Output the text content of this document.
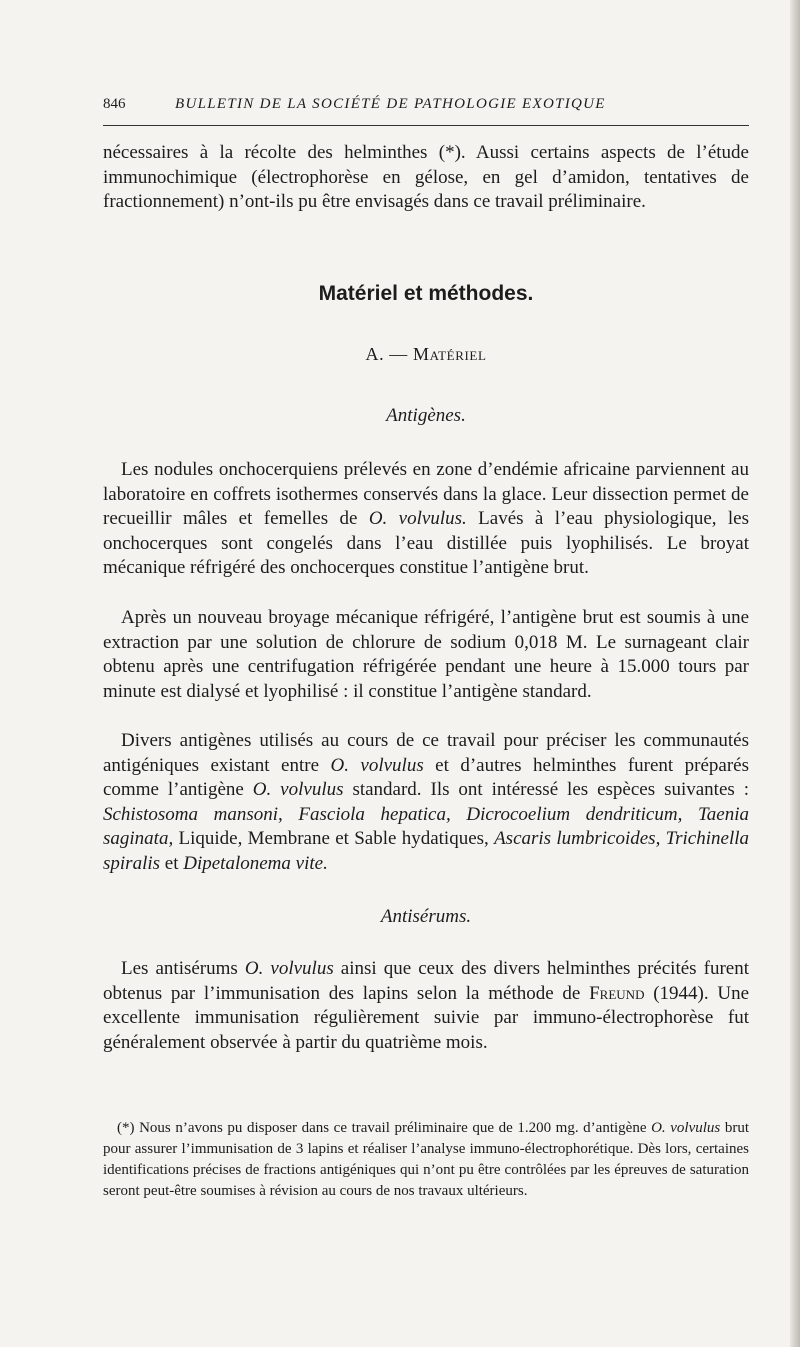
846	BULLETIN DE LA SOCIÉTÉ DE PATHOLOGIE EXOTIQUE

nécessaires à la récolte des helminthes (*). Aussi certains aspects de l’étude immunochimique (électrophorèse en gélose, en gel d’amidon, tentatives de fractionnement) n’ont-ils pu être envisagés dans ce travail préliminaire.

Matériel et méthodes.
A. — Matériel
Antigènes.

Les nodules onchocerquiens prélevés en zone d’endémie africaine parviennent au laboratoire en coffrets isothermes conservés dans la glace. Leur dissection permet de recueillir mâles et femelles de O. volvulus. Lavés à l’eau physiologique, les onchocerques sont congelés dans l’eau distillée puis lyophilisés. Le broyat mécanique réfrigéré des onchocerques constitue l’antigène brut.

Après un nouveau broyage mécanique réfrigéré, l’antigène brut est soumis à une extraction par une solution de chlorure de sodium 0,018 M. Le surnageant clair obtenu après une centrifugation réfrigérée pendant une heure à 15.000 tours par minute est dialysé et lyophilisé : il constitue l’antigène standard.

Divers antigènes utilisés au cours de ce travail pour préciser les communautés antigéniques existant entre O. volvulus et d’autres helminthes furent préparés comme l’antigène O. volvulus standard. Ils ont intéressé les espèces suivantes : Schistosoma mansoni, Fasciola hepatica, Dicrocoelium dendriticum, Taenia saginata, Liquide, Membrane et Sable hydatiques, Ascaris lumbricoides, Trichinella spiralis et Dipetalonema vite.

Antisérums.

Les antisérums O. volvulus ainsi que ceux des divers helminthes précités furent obtenus par l’immunisation des lapins selon la méthode de Freund (1944). Une excellente immunisation régulièrement suivie par immuno-électrophorèse fut généralement observée à partir du quatrième mois.

(*) Nous n’avons pu disposer dans ce travail préliminaire que de 1.200 mg. d’antigène O. volvulus brut pour assurer l’immunisation de 3 lapins et réaliser l’analyse immuno-électrophorétique. Dès lors, certaines identifications précises de fractions antigéniques qui n’ont pu être contrôlées par les épreuves de saturation seront peut-être soumises à révision au cours de nos travaux ultérieurs.
